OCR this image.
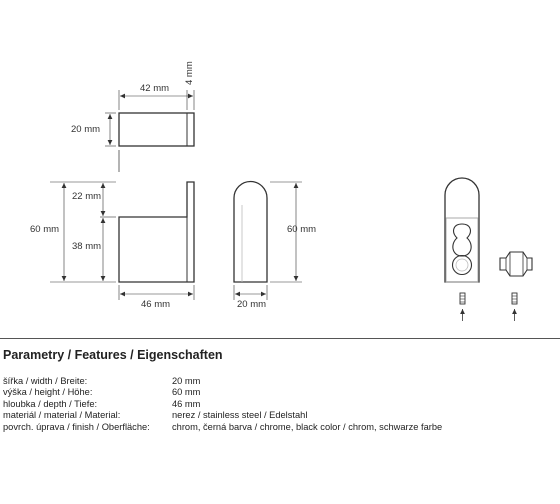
42 mm
4 mm
20 mm
22 mm
60 mm
38 mm
46 mm
60 mm
20 mm
Parametry / Features / Eigenschaften
šířka / width / Breite:	20 mm
výška / height / Höhe:	60 mm
hloubka / depth / Tiefe:	46 mm
materiál / material / Material:	nerez / stainless steel / Edelstahl
povrch. úprava / finish / Oberfläche: chrom, černá barva / chrome, black color / chrom, schwarze farbe
